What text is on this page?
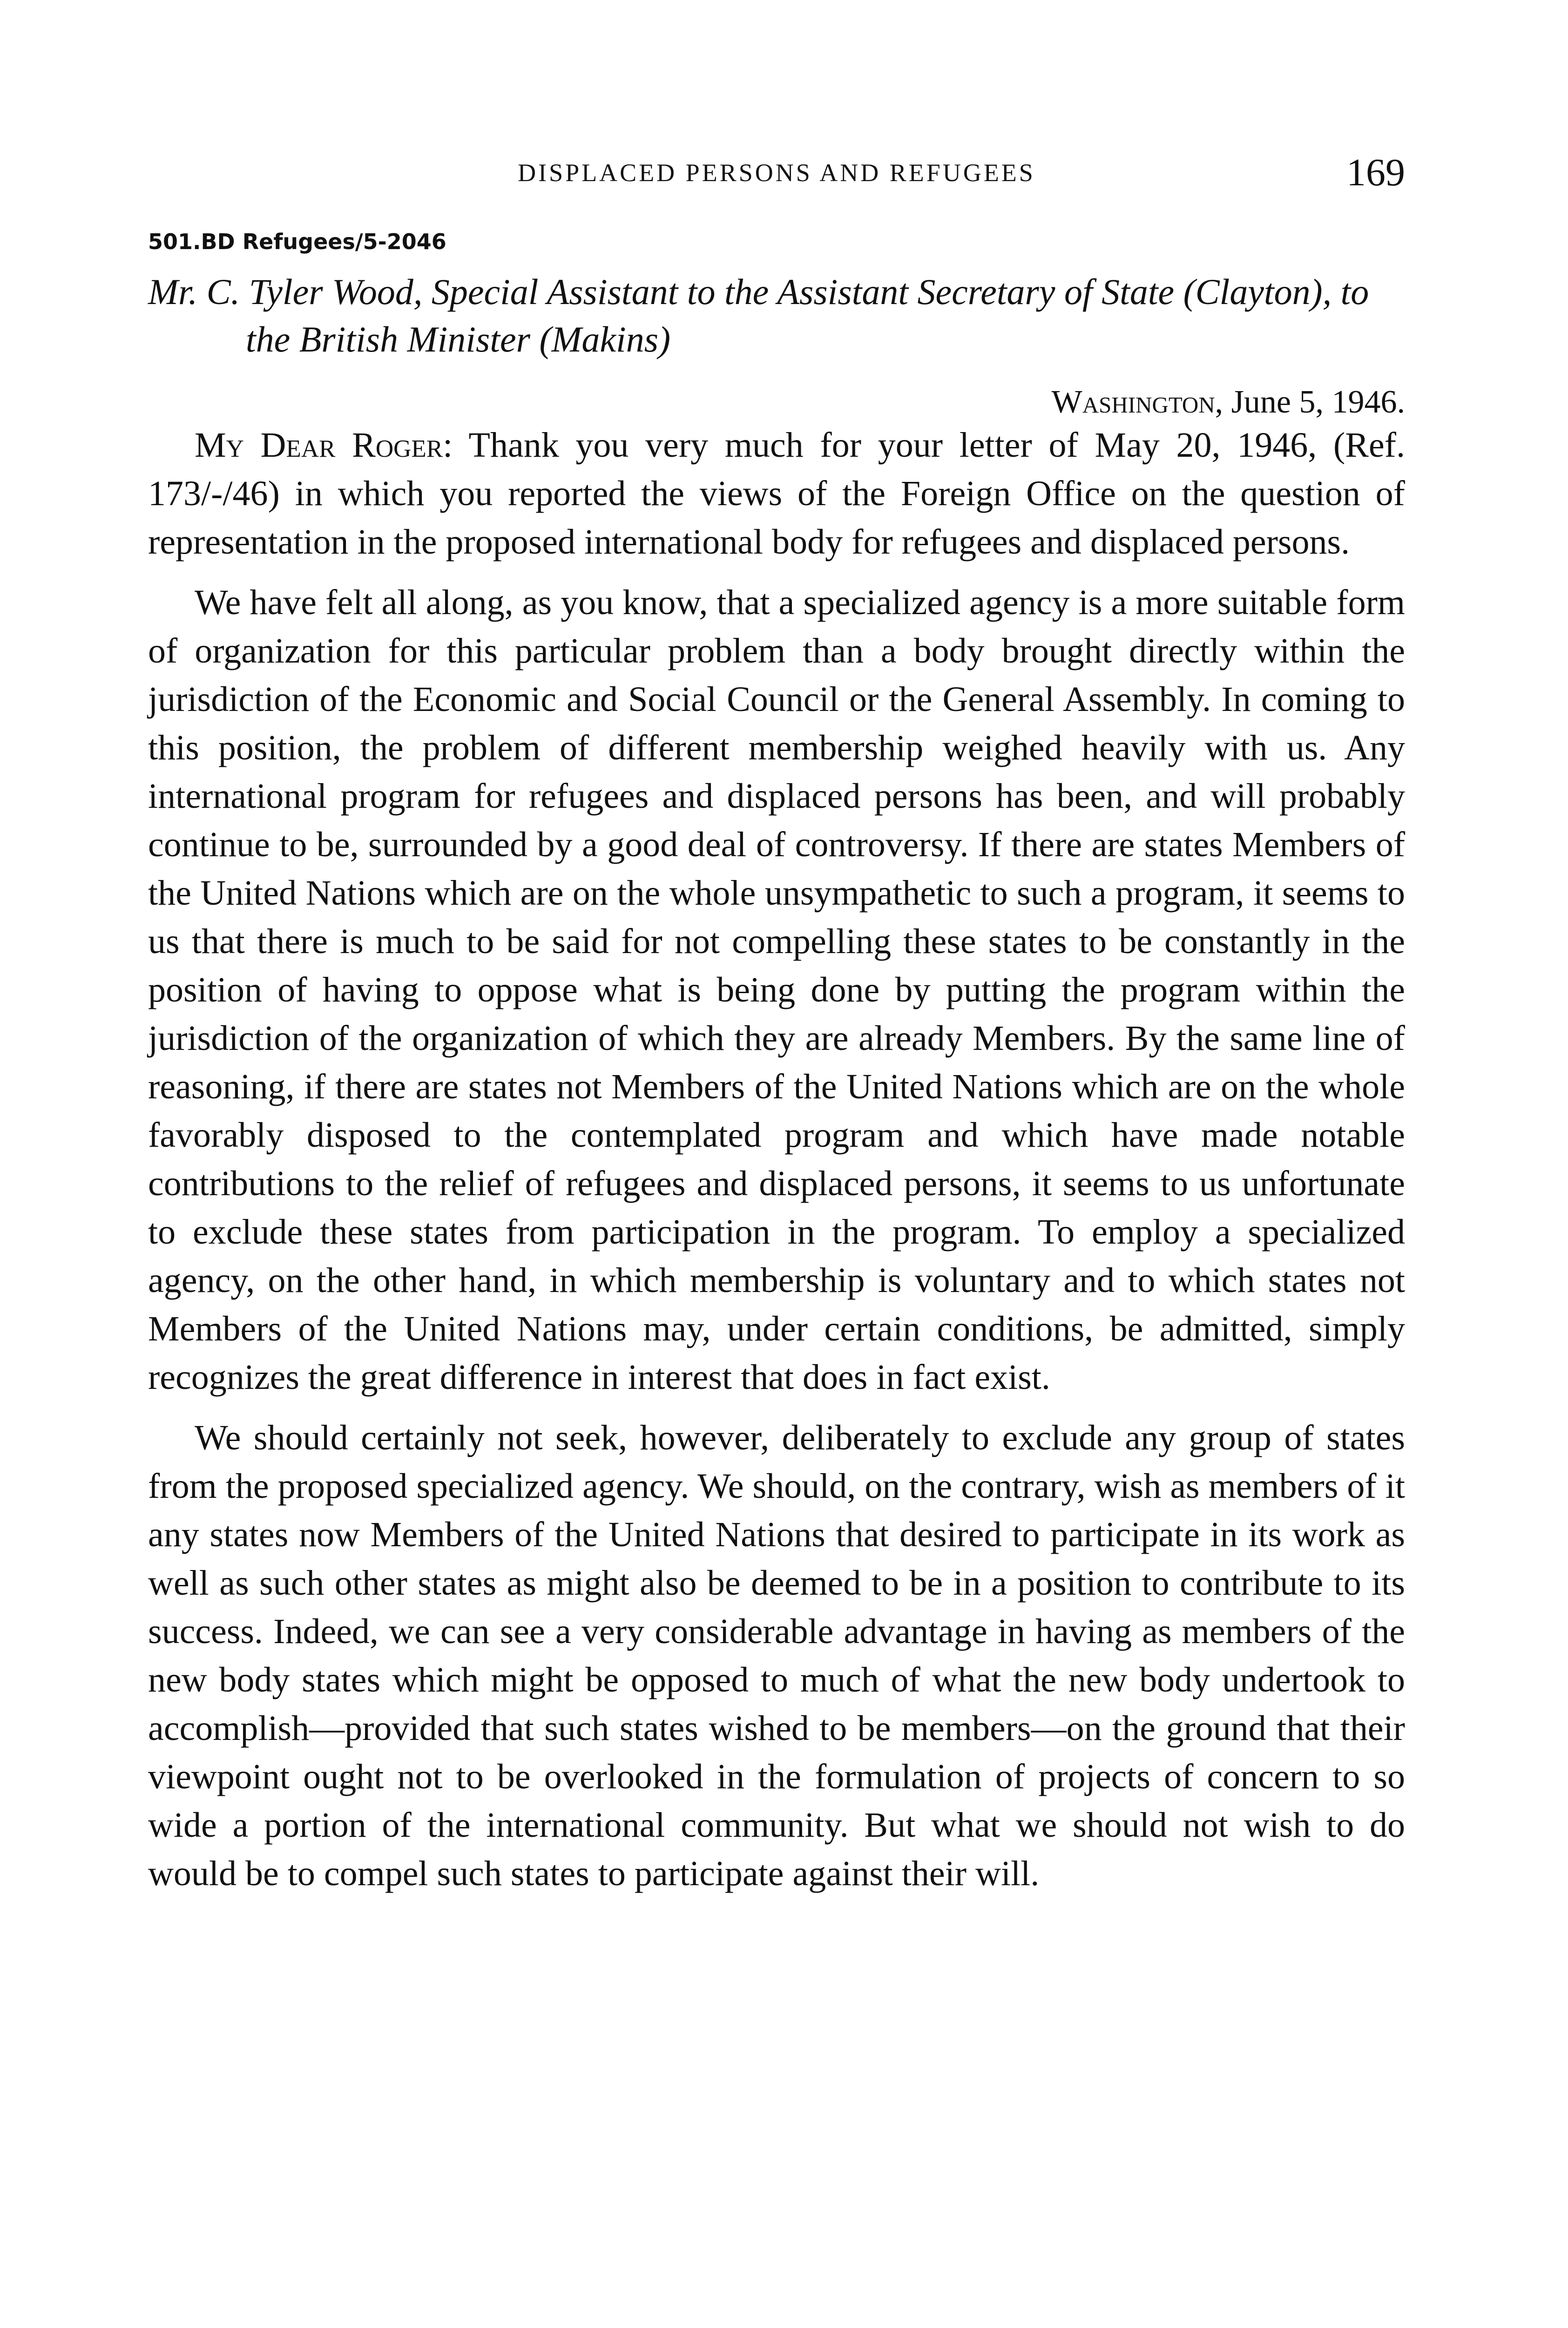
DISPLACED PERSONS AND REFUGEES	169
501.BD Refugees/5-2046
Mr. C. Tyler Wood, Special Assistant to the Assistant Secretary of State (Clayton), to the British Minister (Makins)
Washington, June 5, 1946.

My Dear Roger: Thank you very much for your letter of May 20, 1946, (Ref. 173/-/46) in which you reported the views of the Foreign Office on the question of representation in the proposed international body for refugees and displaced persons.

We have felt all along, as you know, that a specialized agency is a more suitable form of organization for this particular problem than a body brought directly within the jurisdiction of the Economic and Social Council or the General Assembly. In coming to this position, the problem of different membership weighed heavily with us. Any international program for refugees and displaced persons has been, and will probably continue to be, surrounded by a good deal of controversy. If there are states Members of the United Nations which are on the whole unsympathetic to such a program, it seems to us that there is much to be said for not compelling these states to be constantly in the position of having to oppose what is being done by putting the program within the jurisdiction of the organization of which they are already Members. By the same line of reasoning, if there are states not Members of the United Nations which are on the whole favorably disposed to the contemplated program and which have made notable contributions to the relief of refugees and displaced persons, it seems to us unfortunate to exclude these states from participation in the program. To employ a specialized agency, on the other hand, in which membership is voluntary and to which states not Members of the United Nations may, under certain conditions, be admitted, simply recognizes the great difference in interest that does in fact exist.

We should certainly not seek, however, deliberately to exclude any group of states from the proposed specialized agency. We should, on the contrary, wish as members of it any states now Members of the United Nations that desired to participate in its work as well as such other states as might also be deemed to be in a position to contribute to its success. Indeed, we can see a very considerable advantage in having as members of the new body states which might be opposed to much of what the new body undertook to accomplish—provided that such states wished to be members—on the ground that their viewpoint ought not to be overlooked in the formulation of projects of concern to so wide a portion of the international community. But what we should not wish to do would be to compel such states to participate against their will.
